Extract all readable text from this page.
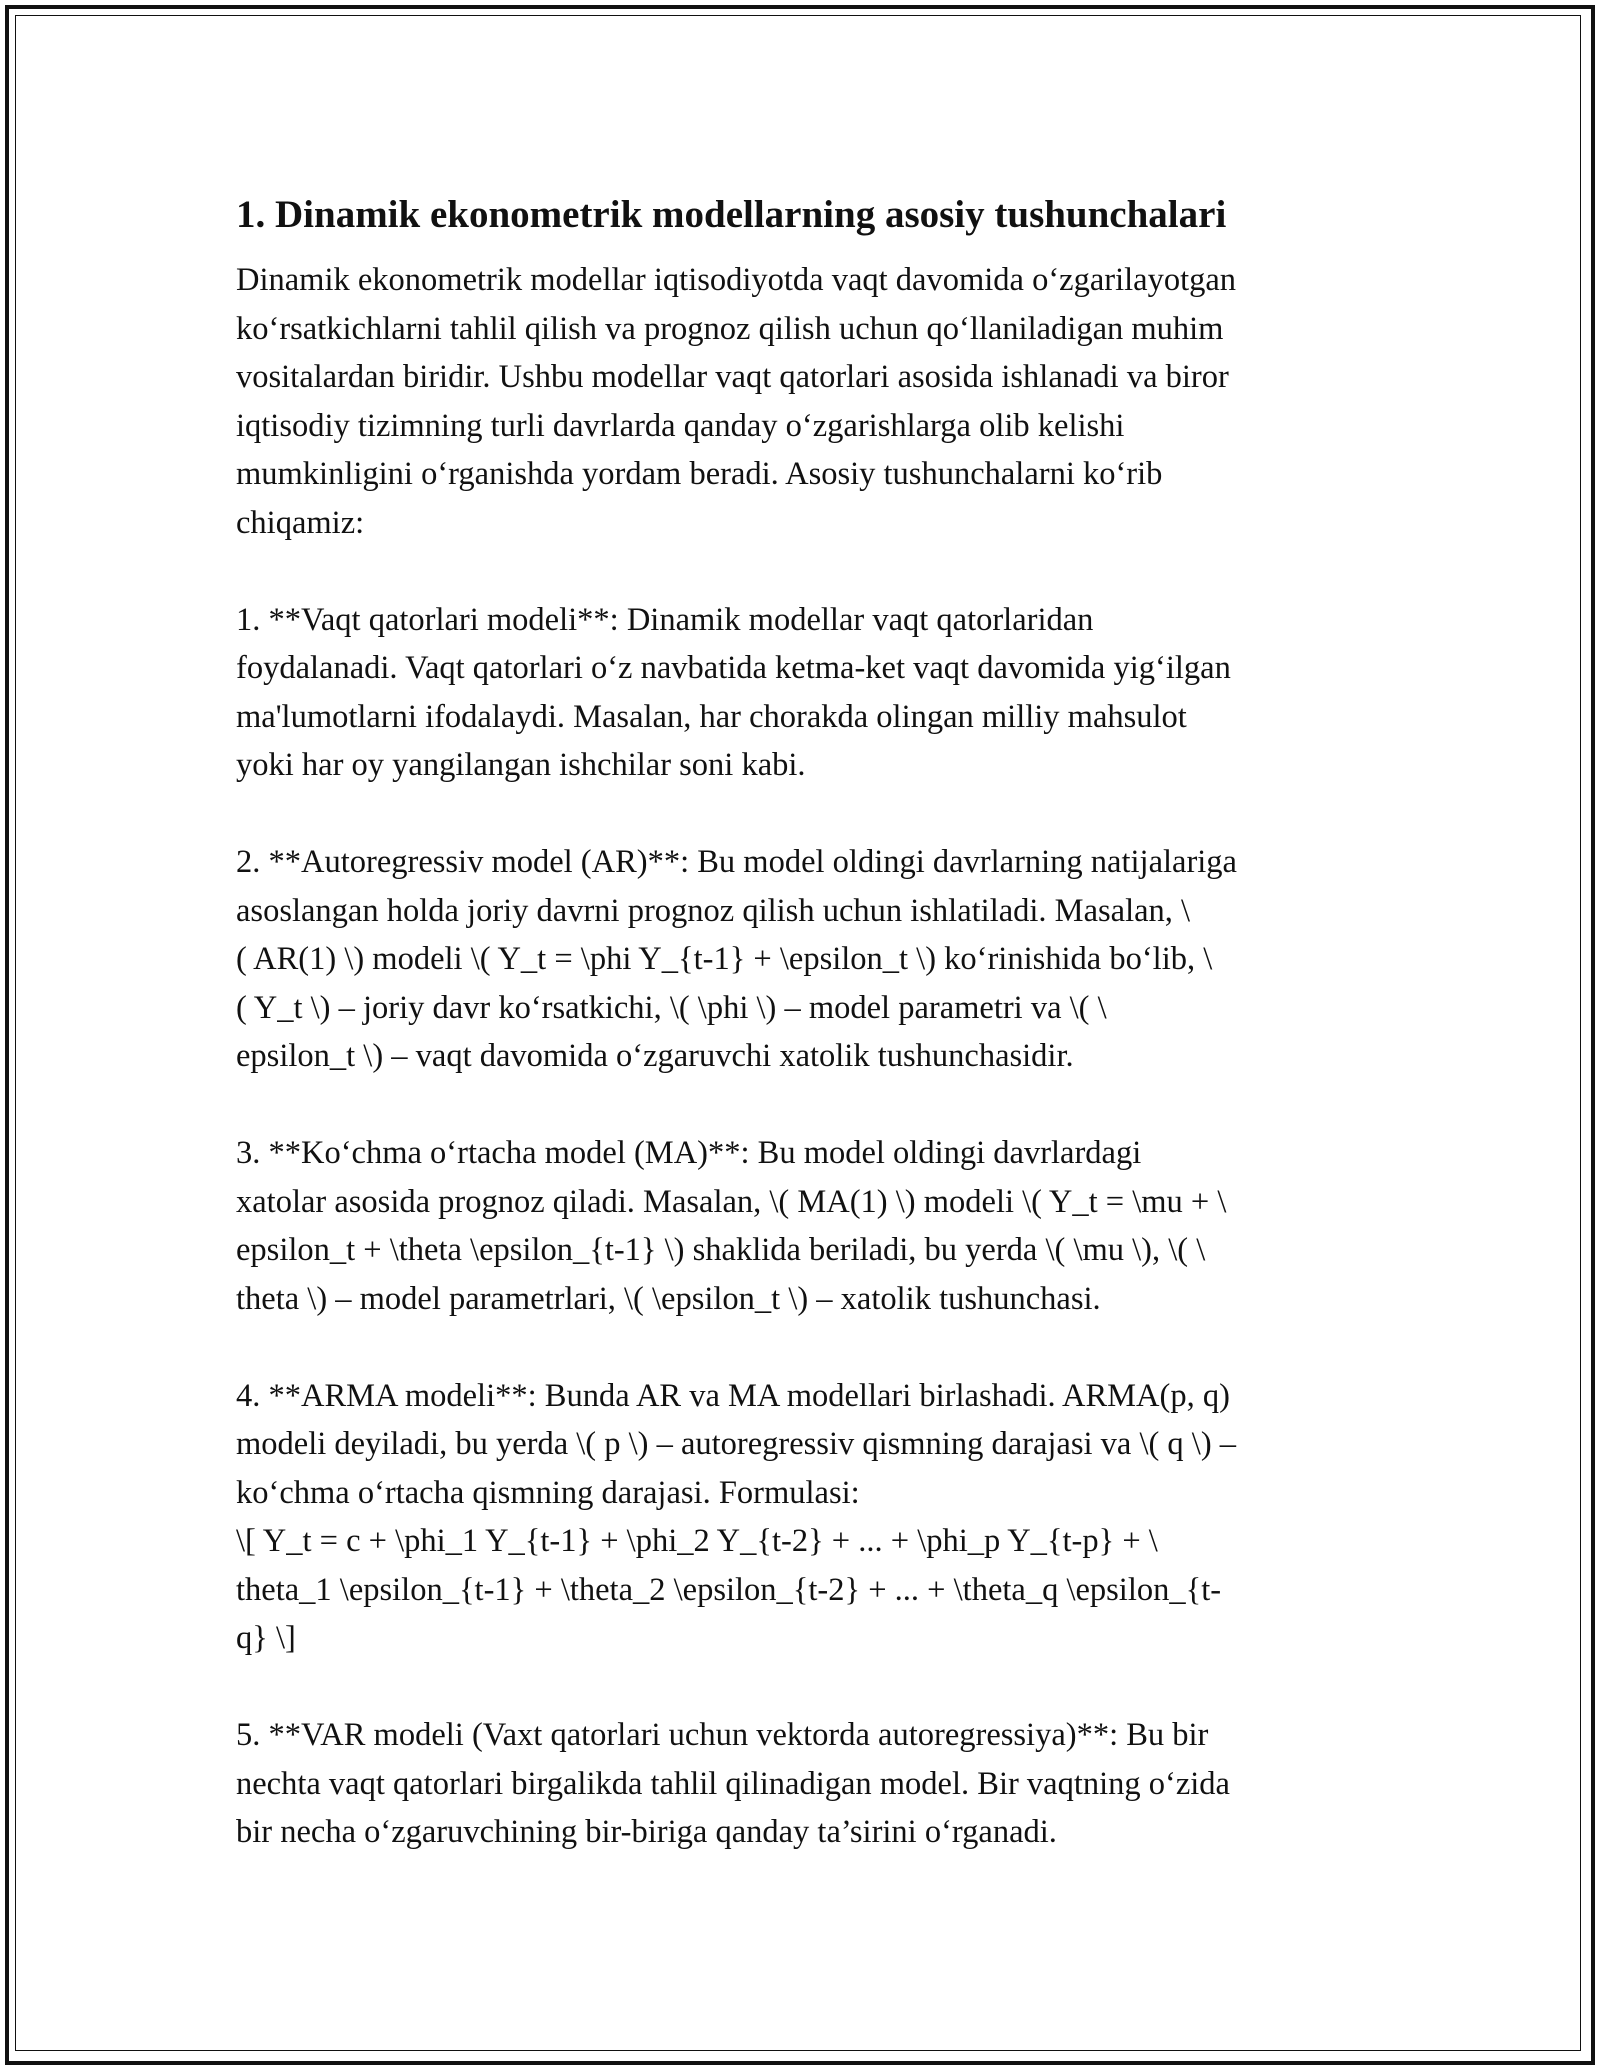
1. Dinamik ekonometrik modellarning asosiy tushunchalari

Dinamik ekonometrik modellar iqtisodiyotda vaqt davomida o‘zgarilayotgan
ko‘rsatkichlarni tahlil qilish va prognoz qilish uchun qo‘llaniladigan muhim
vositalardan biridir. Ushbu modellar vaqt qatorlari asosida ishlanadi va biror
iqtisodiy tizimning turli davrlarda qanday o‘zgarishlarga olib kelishi
mumkinligini o‘rganishda yordam beradi. Asosiy tushunchalarni ko‘rib
chiqamiz:

1. **Vaqt qatorlari modeli**: Dinamik modellar vaqt qatorlaridan
foydalanadi. Vaqt qatorlari o‘z navbatida ketma-ket vaqt davomida yig‘ilgan
ma'lumotlarni ifodalaydi. Masalan, har chorakda olingan milliy mahsulot
yoki har oy yangilangan ishchilar soni kabi.

2. **Autoregressiv model (AR)**: Bu model oldingi davrlarning natijalariga
asoslangan holda joriy davrni prognoz qilish uchun ishlatiladi. Masalan, \
( AR(1) \) modeli \( Y_t = \phi Y_{t-1} + \epsilon_t \) ko‘rinishida bo‘lib, \
( Y_t \) – joriy davr ko‘rsatkichi, \( \phi \) – model parametri va \( \
epsilon_t \) – vaqt davomida o‘zgaruvchi xatolik tushunchasidir.

3. **Ko‘chma o‘rtacha model (MA)**: Bu model oldingi davrlardagi
xatolar asosida prognoz qiladi. Masalan, \( MA(1) \) modeli \( Y_t = \mu + \
epsilon_t + \theta \epsilon_{t-1} \) shaklida beriladi, bu yerda \( \mu \), \( \
theta \) – model parametrlari, \( \epsilon_t \) – xatolik tushunchasi.

4. **ARMA modeli**: Bunda AR va MA modellari birlashadi. ARMA(p, q)
modeli deyiladi, bu yerda \( p \) – autoregressiv qismning darajasi va \( q \) –
ko‘chma o‘rtacha qismning darajasi. Formulasi:
\[ Y_t = c + \phi_1 Y_{t-1} + \phi_2 Y_{t-2} + ... + \phi_p Y_{t-p} + \
theta_1 \epsilon_{t-1} + \theta_2 \epsilon_{t-2} + ... + \theta_q \epsilon_{t-
q} \]

5. **VAR modeli (Vaxt qatorlari uchun vektorda autoregressiya)**: Bu bir
nechta vaqt qatorlari birgalikda tahlil qilinadigan model. Bir vaqtning o‘zida
bir necha o‘zgaruvchining bir-biriga qanday ta’sirini o‘rganadi.
